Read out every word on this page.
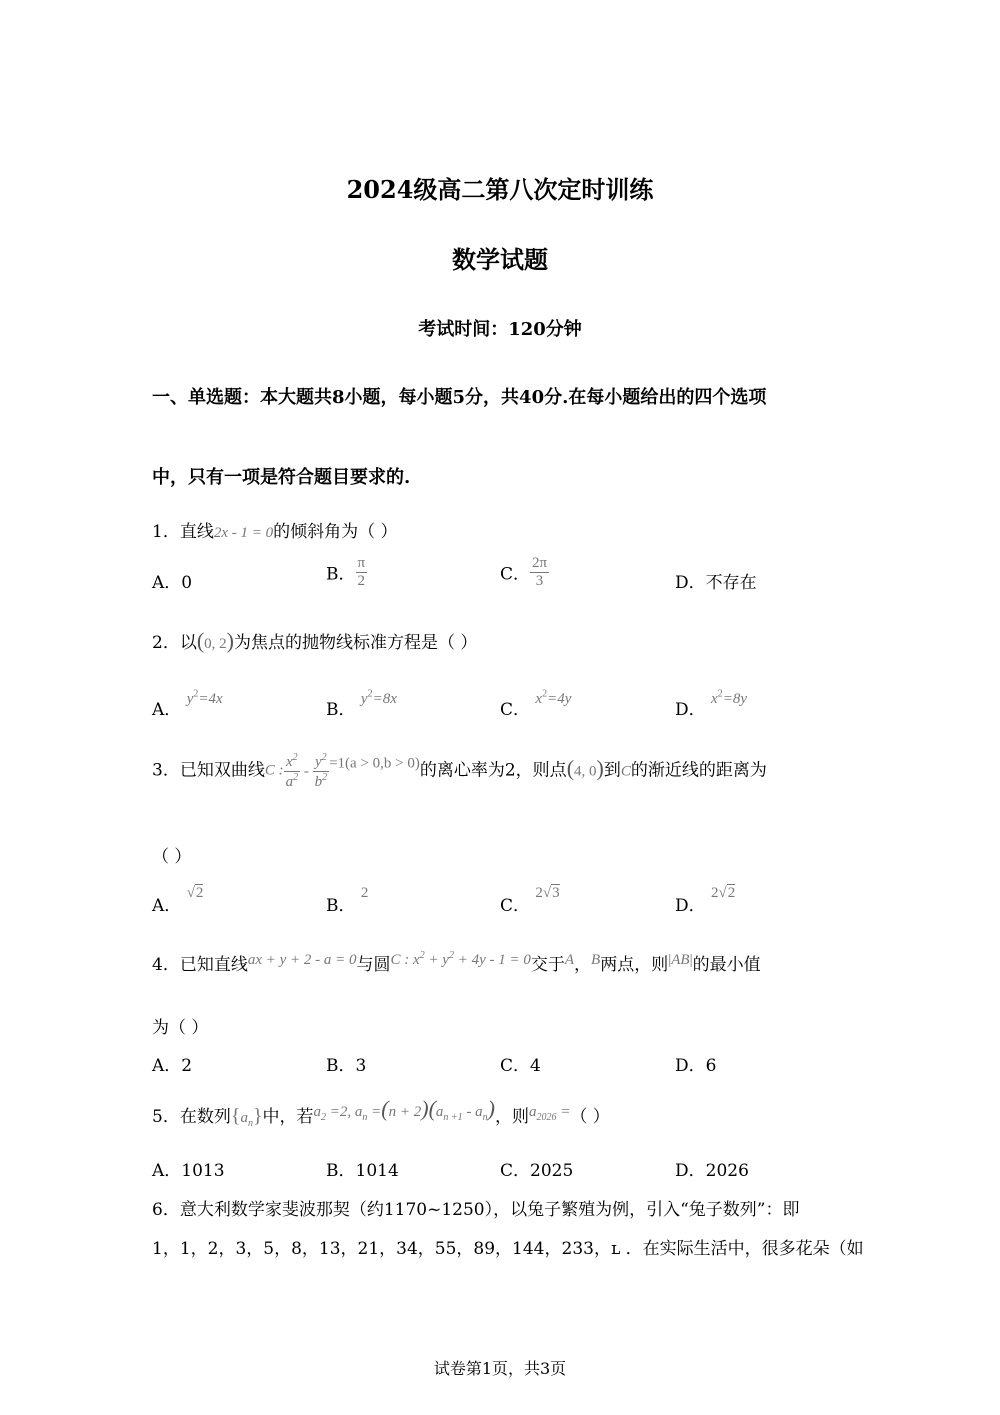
2024级高二第八次定时训练
数学试题
考试时间：120分钟
一、单选题：本大题共8小题，每小题5分，共40分.在每小题给出的四个选项
中，只有一项是符合题目要求的.
1．直线2x - 1 = 0的倾斜角为（ ）
A．0	B． $\frac{\pi}{2}$	C． $\frac{2\pi}{3}$	D．不存在
2．以(0, 2)为焦点的抛物线标准方程是（ ）
A． $y^2=4x$
B． $y^2=8x$
C． $x^2=4y$
D． $x^2=8y$
3．已知双曲线C : $\frac{x^2}{a^2} - \frac{y^2}{b^2} =1(a > 0,b > 0)$的离心率为2，则点(4, 0)到C的渐近线的距离为
（ ）
A． √2
B． 2
C． 2√3
D． 2√2
4．已知直线ax + y + 2 - a = 0与圆C : $x^2 + y^2 + 4y - 1 = 0$交于A，B两点，则|AB|的最小值
为（ ）
A．2	B．3	C．4	D．6
5．在数列$\{a_n\}$中，若$a_2 =2$, $a_n =(n + 2)(a_{n +1} - a_n)$，则$a_{2026}$ =（ ）
A．1013	B．1014	C．2025	D．2026
6．意大利数学家斐波那契（约1170~1250），以兔子繁殖为例，引入“兔子数列”：即
1，1，2，3，5，8，13，21，34，55，89，144，233，ʟ ．在实际生活中，很多花朵（如
试卷第1页，共3页
